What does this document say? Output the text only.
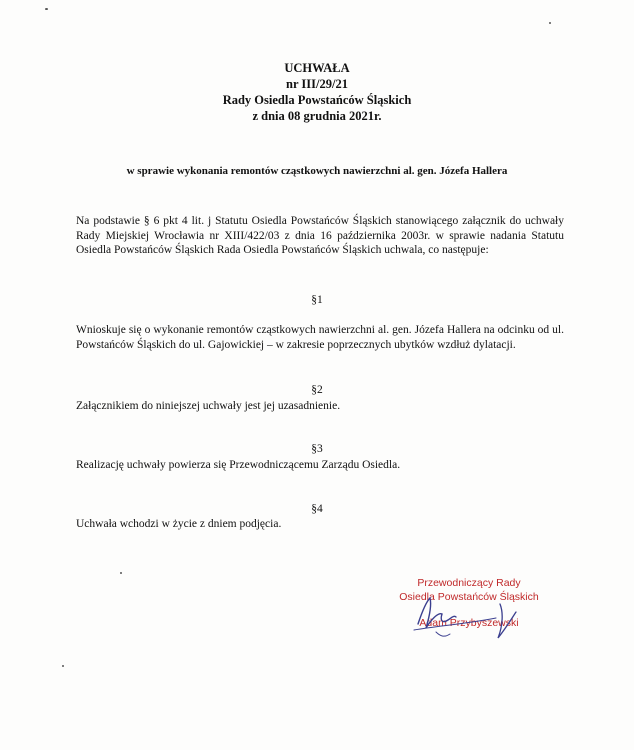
UCHWAŁA
nr III/29/21
Rady Osiedla Powstańców Śląskich
z dnia 08 grudnia 2021r.
w sprawie wykonania remontów cząstkowych nawierzchni al. gen. Józefa Hallera
Na podstawie § 6 pkt 4 lit. j Statutu Osiedla Powstańców Śląskich stanowiącego załącznik do uchwały Rady Miejskiej Wrocławia nr XIII/422/03 z dnia 16 października 2003r. w sprawie nadania Statutu Osiedla Powstańców Śląskich Rada Osiedla Powstańców Śląskich uchwala, co następuje:
§1
Wnioskuje się o wykonanie remontów cząstkowych nawierzchni al. gen. Józefa Hallera na odcinku od ul. Powstańców Śląskich do ul. Gajowickiej – w zakresie poprzecznych ubytków wzdłuż dylatacji.
§2
Załącznikiem do niniejszej uchwały jest jej uzasadnienie.
§3
Realizację uchwały powierza się Przewodniczącemu Zarządu Osiedla.
§4
Uchwała wchodzi w życie z dniem podjęcia.
Przewodniczący Rady
Osiedla Powstańców Śląskich
Adam Przybyszewski
